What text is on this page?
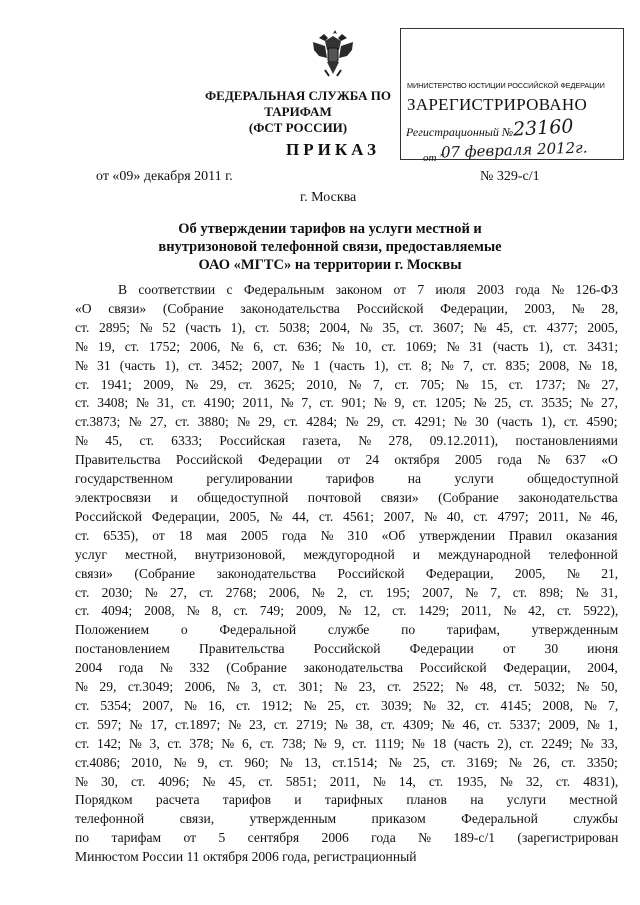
ФЕДЕРАЛЬНАЯ СЛУЖБА ПО ТАРИФАМ
(ФСТ РОССИИ)
МИНИСТЕРСТВО ЮСТИЦИИ РОССИЙСКОЙ ФЕДЕРАЦИИ
ЗАРЕГИСТРИРОВАНО
Регистрационный № 23160
от "
07 февраля 2012г.
ПРИКАЗ
от «09» декабря 2011 г.	№ 329-с/1
г. Москва
Об утверждении тарифов на услуги местной и
внутризоновой телефонной связи, предоставляемые
ОАО «МГТС» на территории г. Москвы
В соответствии с Федеральным законом от 7 июля 2003 года № 126-ФЗ
«О связи» (Собрание законодательства Российской Федерации, 2003, № 28,
ст. 2895; № 52 (часть 1), ст. 5038; 2004, № 35, ст. 3607; № 45, ст. 4377; 2005,
№ 19, ст. 1752; 2006, № 6, ст. 636; № 10, ст. 1069; № 31 (часть 1), ст. 3431;
№ 31 (часть 1), ст. 3452; 2007, № 1 (часть 1), ст. 8; № 7, ст. 835; 2008, № 18,
ст. 1941; 2009, № 29, ст. 3625; 2010, № 7, ст. 705; № 15, ст. 1737; № 27,
ст. 3408; № 31, ст. 4190; 2011, № 7, ст. 901; № 9, ст. 1205; № 25, ст. 3535; № 27,
ст.3873; № 27, ст. 3880; № 29, ст. 4284; № 29, ст. 4291; № 30 (часть 1), ст. 4590;
№ 45, ст. 6333; Российская газета, № 278, 09.12.2011), постановлениями
Правительства Российской Федерации от 24 октября 2005 года № 637 «О
государственном регулировании тарифов на услуги общедоступной
электросвязи и общедоступной почтовой связи» (Собрание законодательства
Российской Федерации, 2005, № 44, ст. 4561; 2007, № 40, ст. 4797; 2011, № 46,
ст. 6535), от 18 мая 2005 года № 310 «Об утверждении Правил оказания
услуг местной, внутризоновой, междугородной и международной телефонной
связи» (Собрание законодательства Российской Федерации, 2005, № 21,
ст. 2030; № 27, ст. 2768; 2006, № 2, ст. 195; 2007, № 7, ст. 898; № 31,
ст. 4094; 2008, № 8, ст. 749; 2009, № 12, ст. 1429; 2011, № 42, ст. 5922),
Положением о Федеральной службе по тарифам, утвержденным
постановлением Правительства Российской Федерации от 30 июня
2004 года № 332 (Собрание законодательства Российской Федерации, 2004,
№ 29, ст.3049; 2006, № 3, ст. 301; № 23, ст. 2522; № 48, ст. 5032; № 50,
ст. 5354; 2007, № 16, ст. 1912; № 25, ст. 3039; № 32, ст. 4145; 2008, № 7,
ст. 597; № 17, ст.1897; № 23, ст. 2719; № 38, ст. 4309; № 46, ст. 5337; 2009, № 1,
ст. 142; № 3, ст. 378; № 6, ст. 738; № 9, ст. 1119; № 18 (часть 2), ст. 2249; № 33,
ст.4086; 2010, № 9, ст. 960; № 13, ст.1514; № 25, ст. 3169; № 26, ст. 3350;
№ 30, ст. 4096; № 45, ст. 5851; 2011, № 14, ст. 1935, № 32, ст. 4831),
Порядком расчета тарифов и тарифных планов на услуги местной
телефонной связи, утвержденным приказом Федеральной службы
по тарифам от 5 сентября 2006 года № 189-с/1 (зарегистрирован
Минюстом России 11 октября 2006 года, регистрационный
